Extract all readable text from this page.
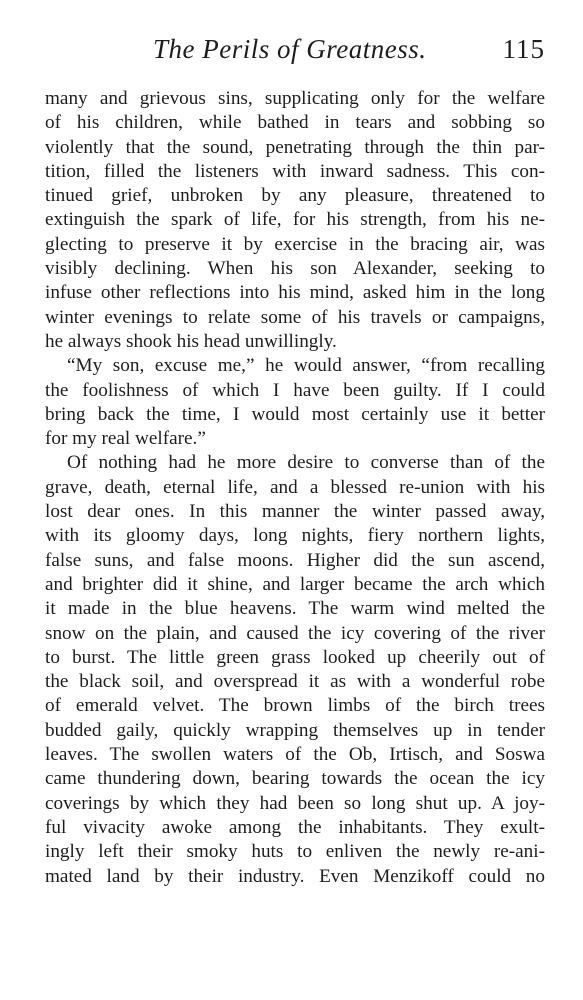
The Perils of Greatness.	115
many and grievous sins, supplicating only for the welfare
of his children, while bathed in tears and sobbing so
violently that the sound, penetrating through the thin par-
tition, filled the listeners with inward sadness. This con-
tinued grief, unbroken by any pleasure, threatened to
extinguish the spark of life, for his strength, from his ne-
glecting to preserve it by exercise in the bracing air, was
visibly declining. When his son Alexander, seeking to
infuse other reflections into his mind, asked him in the long
winter evenings to relate some of his travels or campaigns,
he always shook his head unwillingly.
“My son, excuse me,” he would answer, “from recalling
the foolishness of which I have been guilty. If I could
bring back the time, I would most certainly use it better
for my real welfare.”
Of nothing had he more desire to converse than of the
grave, death, eternal life, and a blessed re-union with his
lost dear ones. In this manner the winter passed away,
with its gloomy days, long nights, fiery northern lights,
false suns, and false moons. Higher did the sun ascend,
and brighter did it shine, and larger became the arch which
it made in the blue heavens. The warm wind melted the
snow on the plain, and caused the icy covering of the river
to burst. The little green grass looked up cheerily out of
the black soil, and overspread it as with a wonderful robe
of emerald velvet. The brown limbs of the birch trees
budded gaily, quickly wrapping themselves up in tender
leaves. The swollen waters of the Ob, Irtisch, and Soswa
came thundering down, bearing towards the ocean the icy
coverings by which they had been so long shut up. A joy-
ful vivacity awoke among the inhabitants. They exult-
ingly left their smoky huts to enliven the newly re-ani-
mated land by their industry. Even Menzikoff could no
